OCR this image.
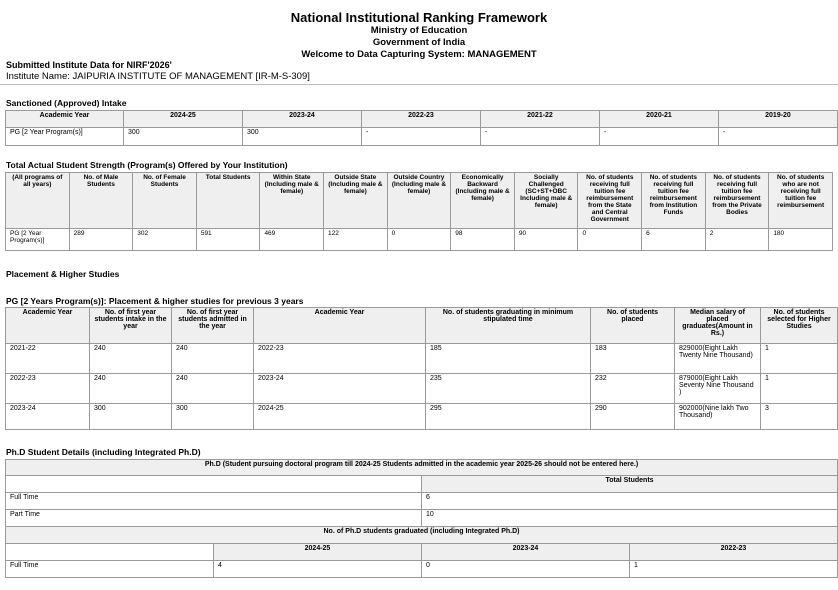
National Institutional Ranking Framework
Ministry of Education
Government of India
Welcome to Data Capturing System: MANAGEMENT
Submitted Institute Data for NIRF'2026'
Institute Name: JAIPURIA INSTITUTE OF MANAGEMENT [IR-M-S-309]
Sanctioned (Approved) Intake
Academic Year	2024-25	2023-24	2022-23	2021-22	2020-21	2019-20
PG [2 Year Program(s)]	300	300	-	-	-	-
Total Actual Student Strength (Program(s) Offered by Your Institution)
(All programs of all years)	No. of Male Students	No. of Female Students	Total Students	Within State (Including male & female)	Outside State (Including male & female)	Outside Country (Including male & female)	Economically Backward (Including male & female)	Socially Challenged (SC+ST+OBC Including male & female)	No. of students receiving full tuition fee reimbursement from the State and Central Government	No. of students receiving full tuition fee reimbursement from Institution Funds	No. of students receiving full tuition fee reimbursement from the Private Bodies	No. of students who are not receiving full tuition fee reimbursement
PG [2 Year Program(s)]	289	302	591	469	122	0	98	90	0	6	2	180
Placement & Higher Studies
PG [2 Years Program(s)]: Placement & higher studies for previous 3 years
Academic Year	No. of first year students intake in the year	No. of first year students admitted in the year	Academic Year	No. of students graduating in minimum stipulated time	No. of students placed	Median salary of placed graduates(Amount in Rs.)	No. of students selected for Higher Studies
2021-22	240	240	2022-23	185	183	829000(Eight Lakh Twenty Nine Thousand)	1
2022-23	240	240	2023-24	235	232	879000(Eight Lakh Seventy Nine Thousand )	1
2023-24	300	300	2024-25	295	290	902000(Nine lakh Two Thousand)	3
Ph.D Student Details (including Integrated Ph.D)
Ph.D (Student pursuing doctoral program till 2024-25 Students admitted in the academic year 2025-26 should not be entered here.)			
		Total Students	
Full Time		6	
Part Time		10	
No. of Ph.D students graduated (including Integrated Ph.D)			
	2024-25	2023-24	2022-23
Full Time	4	0	1
